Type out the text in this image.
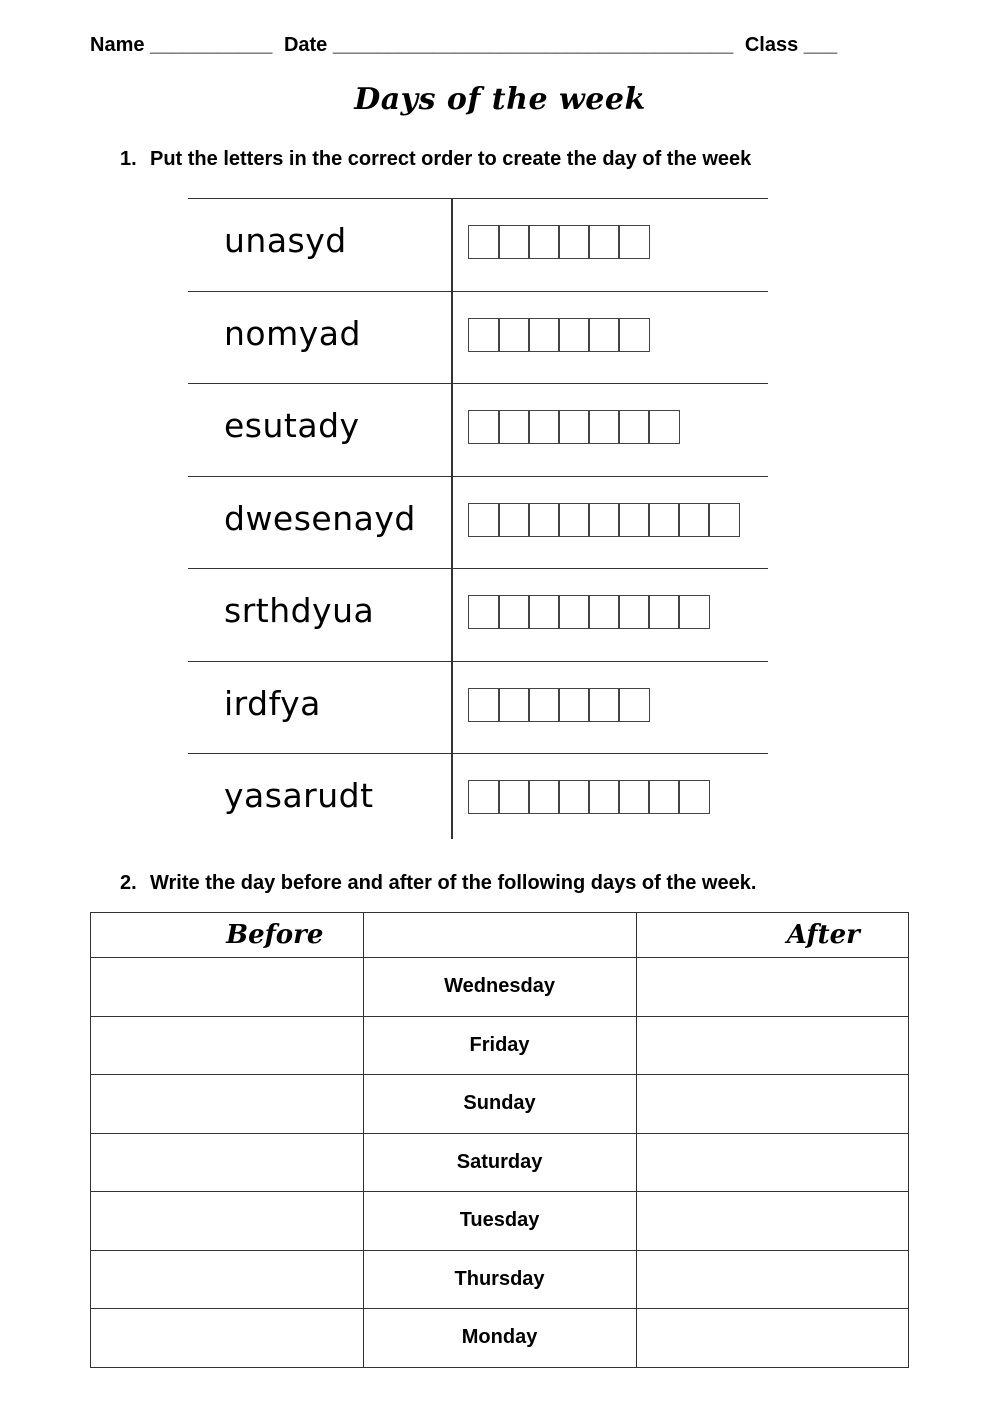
Name ___________ Date ____________________________________ Class ___
Days of the week
1. Put the letters in the correct order to create the day of the week
unasyd
nomyad
esutady
dwesenayd
srthdyua
irdfya
yasarudt
2. Write the day before and after of the following days of the week.
Before		After
	Wednesday	
	Friday	
	Sunday	
	Saturday	
	Tuesday	
	Thursday	
	Monday	
